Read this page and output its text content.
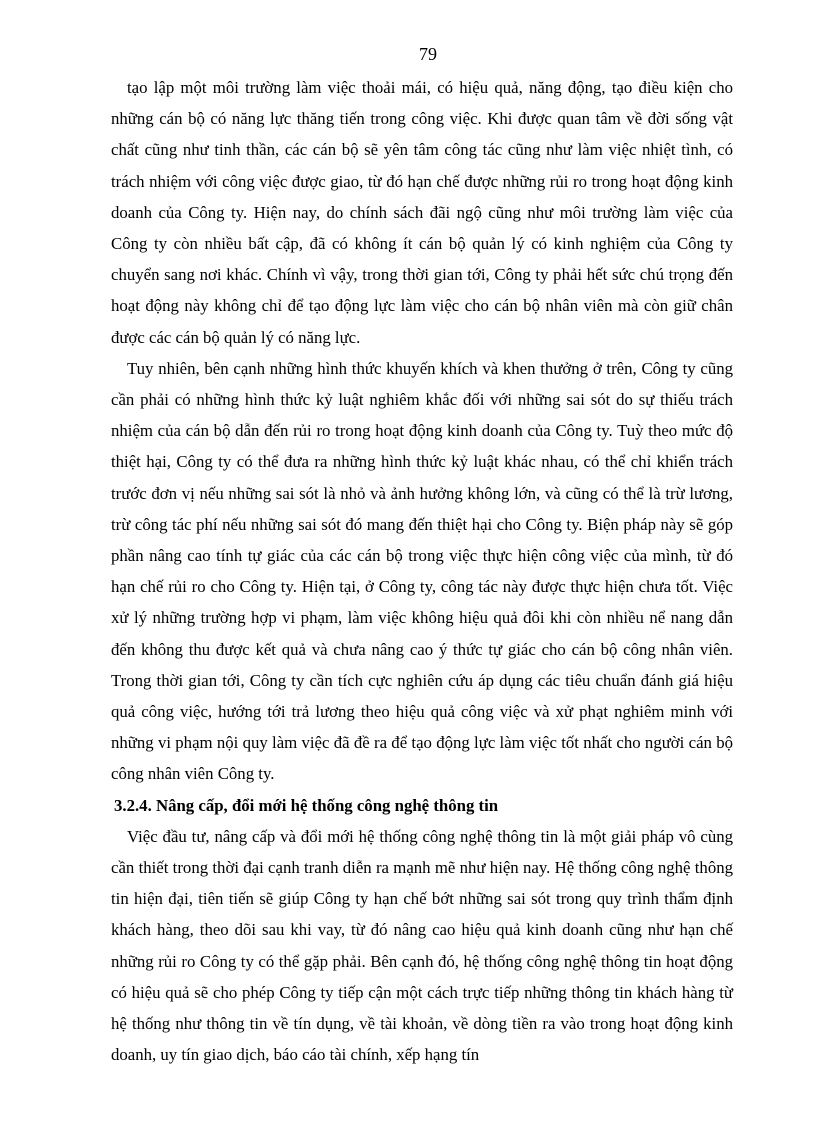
79

tạo lập một môi trường làm việc thoải mái, có hiệu quả, năng động, tạo điều kiện cho những cán bộ có năng lực thăng tiến trong công việc. Khi được quan tâm về đời sống vật chất cũng như tinh thần, các cán bộ sẽ yên tâm công tác cũng như làm việc nhiệt tình, có trách nhiệm với công việc được giao, từ đó hạn chế được những rủi ro trong hoạt động kinh doanh của Công ty. Hiện nay, do chính sách đãi ngộ cũng như môi trường làm việc của Công ty còn nhiều bất cập, đã có không ít cán bộ quản lý có kinh nghiệm của Công ty chuyển sang nơi khác. Chính vì vậy, trong thời gian tới, Công ty phải hết sức chú trọng đến hoạt động này không chỉ để tạo động lực làm việc cho cán bộ nhân viên mà còn giữ chân được các cán bộ quản lý có năng lực.

Tuy nhiên, bên cạnh những hình thức khuyến khích và khen thưởng ở trên, Công ty cũng cần phải có những hình thức kỷ luật nghiêm khắc đối với những sai sót do sự thiếu trách nhiệm của cán bộ dẫn đến rủi ro trong hoạt động kinh doanh của Công ty. Tuỳ theo mức độ thiệt hại, Công ty có thể đưa ra những hình thức kỷ luật khác nhau, có thể chỉ khiển trách trước đơn vị nếu những sai sót là nhỏ và ảnh hưởng không lớn, và cũng có thể là trừ lương, trừ công tác phí nếu những sai sót đó mang đến thiệt hại cho Công ty. Biện pháp này sẽ góp phần nâng cao tính tự giác của các cán bộ trong việc thực hiện công việc của mình, từ đó hạn chế rủi ro cho Công ty. Hiện tại, ở Công ty, công tác này được thực hiện chưa tốt. Việc xử lý những trường hợp vi phạm, làm việc không hiệu quả đôi khi còn nhiều nể nang dẫn đến không thu được kết quả và chưa nâng cao ý thức tự giác cho cán bộ công nhân viên. Trong thời gian tới, Công ty cần tích cực nghiên cứu áp dụng các tiêu chuẩn đánh giá hiệu quả công việc, hướng tới trả lương theo hiệu quả công việc và xử phạt nghiêm minh với những vi phạm nội quy làm việc đã đề ra để tạo động lực làm việc tốt nhất cho người cán bộ công nhân viên Công ty.

3.2.4. Nâng cấp, đổi mới hệ thống công nghệ thông tin

Việc đầu tư, nâng cấp và đổi mới hệ thống công nghệ thông tin là một giải pháp vô cùng cần thiết trong thời đại cạnh tranh diễn ra mạnh mẽ như hiện nay. Hệ thống công nghệ thông tin hiện đại, tiên tiến sẽ giúp Công ty hạn chế bớt những sai sót trong quy trình thẩm định khách hàng, theo dõi sau khi vay, từ đó nâng cao hiệu quả kinh doanh cũng như hạn chế những rủi ro Công ty có thể gặp phải. Bên cạnh đó, hệ thống công nghệ thông tin hoạt động có hiệu quả sẽ cho phép Công ty tiếp cận một cách trực tiếp những thông tin khách hàng từ hệ thống như thông tin về tín dụng, về tài khoản, về dòng tiền ra vào trong hoạt động kinh doanh, uy tín giao dịch, báo cáo tài chính, xếp hạng tín
